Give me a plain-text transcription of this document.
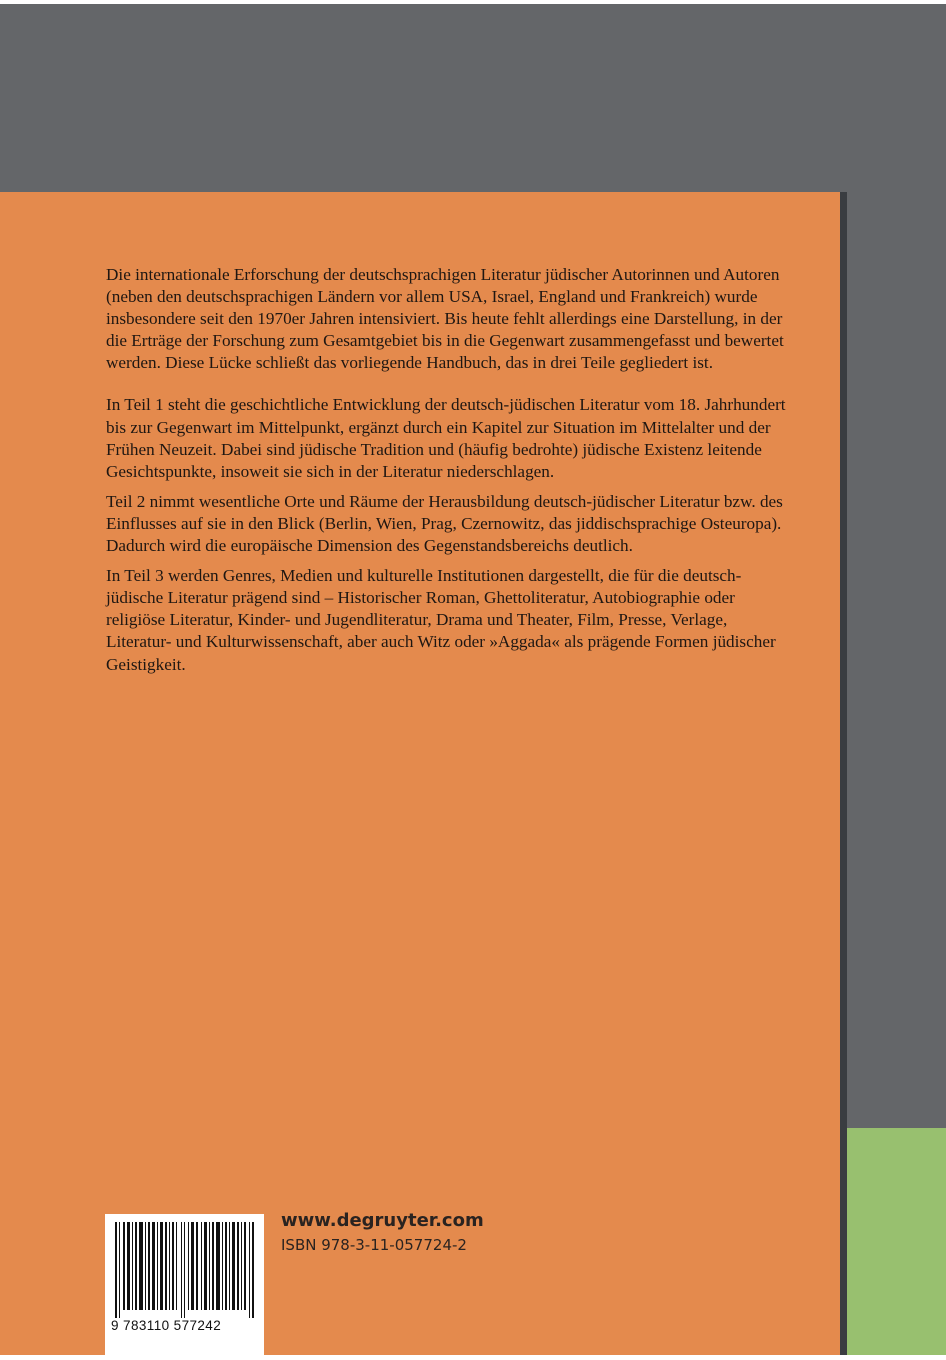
Die internationale Erforschung der deutschsprachigen Literatur jüdischer Autorinnen und Autoren (neben den deutschsprachigen Ländern vor allem USA, Israel, England und Frankreich) wurde insbesondere seit den 1970er Jahren intensiviert. Bis heute fehlt allerdings eine Darstellung, in der die Erträge der Forschung zum Gesamtgebiet bis in die Gegenwart zusammengefasst und bewertet werden. Diese Lücke schließt das vorliegende Handbuch, das in drei Teile gegliedert ist.

In Teil 1 steht die geschichtliche Entwicklung der deutsch-jüdischen Literatur vom 18. Jahrhundert bis zur Gegenwart im Mittelpunkt, ergänzt durch ein Kapitel zur Situation im Mittelalter und der Frühen Neuzeit. Dabei sind jüdische Tradition und (häufig bedrohte) jüdische Existenz leitende Gesichtspunkte, insoweit sie sich in der Literatur niederschlagen.

Teil 2 nimmt wesentliche Orte und Räume der Herausbildung deutsch-jüdischer Literatur bzw. des Einflusses auf sie in den Blick (Berlin, Wien, Prag, Czernowitz, das jiddischsprachige Osteuropa). Dadurch wird die europäische Dimension des Gegenstandsbereichs deutlich.

In Teil 3 werden Genres, Medien und kulturelle Institutionen dargestellt, die für die deutsch-jüdische Literatur prägend sind – Historischer Roman, Ghettoliteratur, Autobiographie oder religiöse Literatur, Kinder- und Jugendliteratur, Drama und Theater, Film, Presse, Verlage, Literatur- und Kulturwissenschaft, aber auch Witz oder »Aggada« als prägende Formen jüdischer Geistigkeit.

9 783110 577242
www.degruyter.com
ISBN 978-3-11-057724-2
